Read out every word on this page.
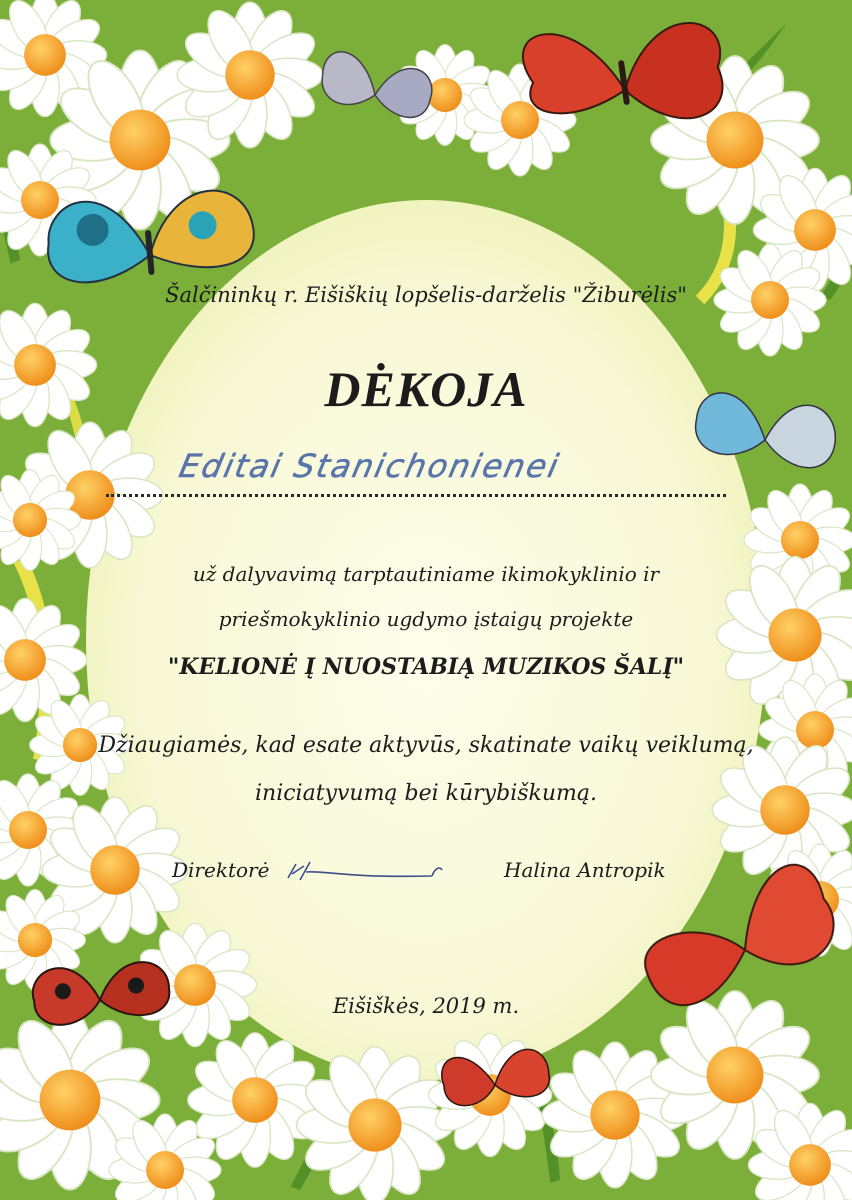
Šalčininkų r. Eišiškių lopšelis-darželis "Žiburėlis"

DĖKOJA
Editai Stanichonienei

už dalyvavimą tarptautiniame ikimokyklinio ir

priešmokyklinio ugdymo įstaigų projekte

"KELIONĖ Į NUOSTABIĄ MUZIKOS ŠALĮ"

Džiaugiamės, kad esate aktyvūs, skatinate vaikų veiklumą,

iniciatyvumą bei kūrybiškumą.

Direktorė	Halina Antropik

Eišiškės, 2019 m.
